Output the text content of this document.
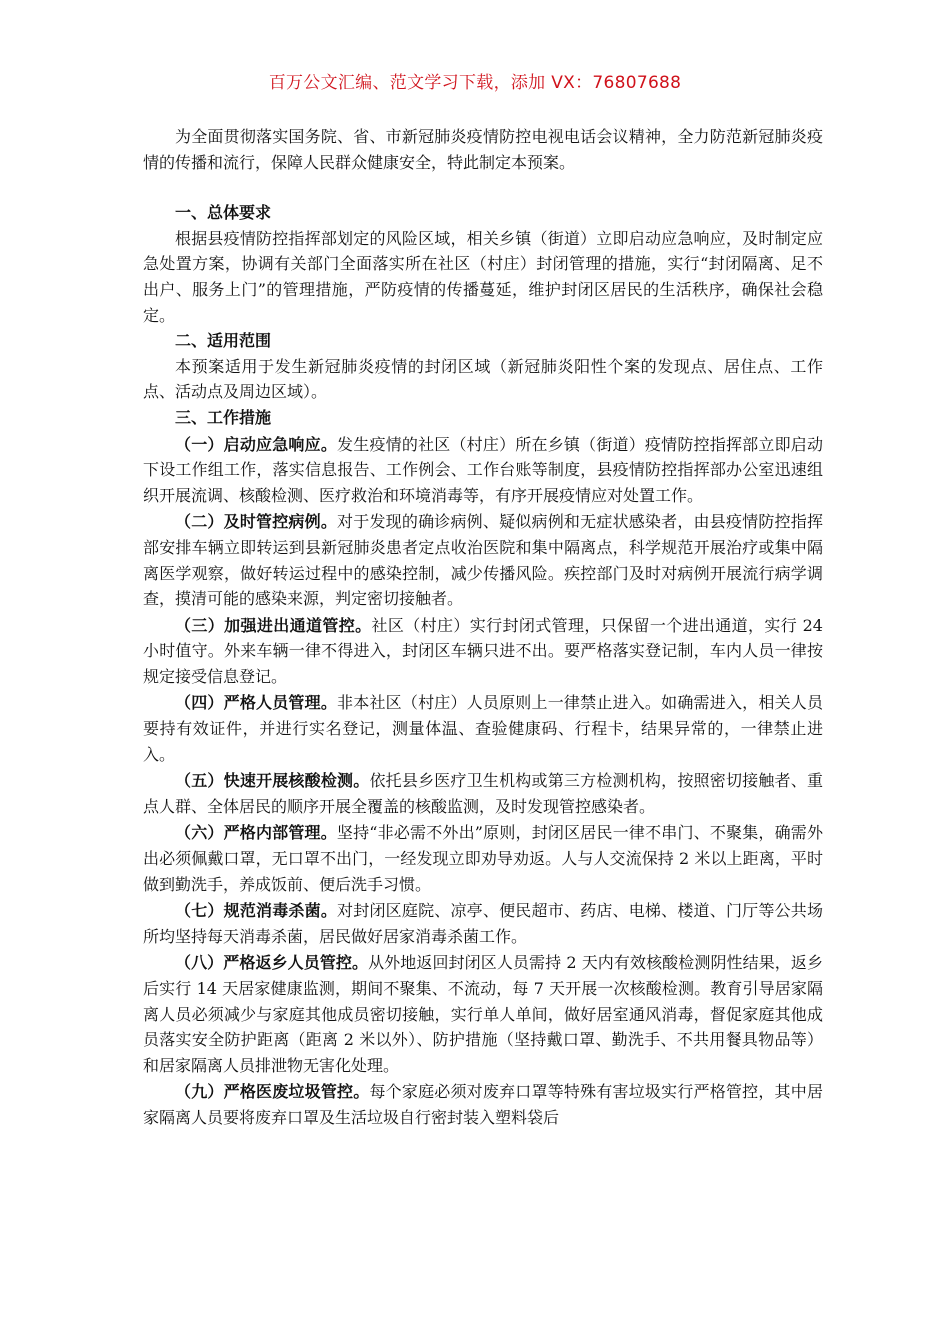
百万公文汇编、范文学习下载，添加 VX：76807688

为全面贯彻落实国务院、省、市新冠肺炎疫情防控电视电话会议精神，全力防范新冠肺炎疫情的传播和流行，保障人民群众健康安全，特此制定本预案。

一、总体要求

根据县疫情防控指挥部划定的风险区域，相关乡镇（街道）立即启动应急响应，及时制定应急处置方案，协调有关部门全面落实所在社区（村庄）封闭管理的措施，实行“封闭隔离、足不出户、服务上门”的管理措施，严防疫情的传播蔓延，维护封闭区居民的生活秩序，确保社会稳定。

二、适用范围

本预案适用于发生新冠肺炎疫情的封闭区域（新冠肺炎阳性个案的发现点、居住点、工作点、活动点及周边区域）。

三、工作措施

（一）启动应急响应。发生疫情的社区（村庄）所在乡镇（街道）疫情防控指挥部立即启动下设工作组工作，落实信息报告、工作例会、工作台账等制度，县疫情防控指挥部办公室迅速组织开展流调、核酸检测、医疗救治和环境消毒等，有序开展疫情应对处置工作。

（二）及时管控病例。对于发现的确诊病例、疑似病例和无症状感染者，由县疫情防控指挥部安排车辆立即转运到县新冠肺炎患者定点收治医院和集中隔离点，科学规范开展治疗或集中隔离医学观察，做好转运过程中的感染控制，减少传播风险。疾控部门及时对病例开展流行病学调查，摸清可能的感染来源，判定密切接触者。

（三）加强进出通道管控。社区（村庄）实行封闭式管理，只保留一个进出通道，实行 24 小时值守。外来车辆一律不得进入，封闭区车辆只进不出。要严格落实登记制，车内人员一律按规定接受信息登记。

（四）严格人员管理。非本社区（村庄）人员原则上一律禁止进入。如确需进入，相关人员要持有效证件，并进行实名登记，测量体温、查验健康码、行程卡，结果异常的，一律禁止进入。

（五）快速开展核酸检测。依托县乡医疗卫生机构或第三方检测机构，按照密切接触者、重点人群、全体居民的顺序开展全覆盖的核酸监测，及时发现管控感染者。

（六）严格内部管理。坚持“非必需不外出”原则，封闭区居民一律不串门、不聚集，确需外出必须佩戴口罩，无口罩不出门，一经发现立即劝导劝返。人与人交流保持 2 米以上距离，平时做到勤洗手，养成饭前、便后洗手习惯。

（七）规范消毒杀菌。对封闭区庭院、凉亭、便民超市、药店、电梯、楼道、门厅等公共场所均坚持每天消毒杀菌，居民做好居家消毒杀菌工作。

（八）严格返乡人员管控。从外地返回封闭区人员需持 2 天内有效核酸检测阴性结果，返乡后实行 14 天居家健康监测，期间不聚集、不流动，每 7 天开展一次核酸检测。教育引导居家隔离人员必须减少与家庭其他成员密切接触，实行单人单间，做好居室通风消毒，督促家庭其他成员落实安全防护距离（距离 2 米以外）、防护措施（坚持戴口罩、勤洗手、不共用餐具物品等）和居家隔离人员排泄物无害化处理。

（九）严格医废垃圾管控。每个家庭必须对废弃口罩等特殊有害垃圾实行严格管控，其中居家隔离人员要将废弃口罩及生活垃圾自行密封装入塑料袋后
